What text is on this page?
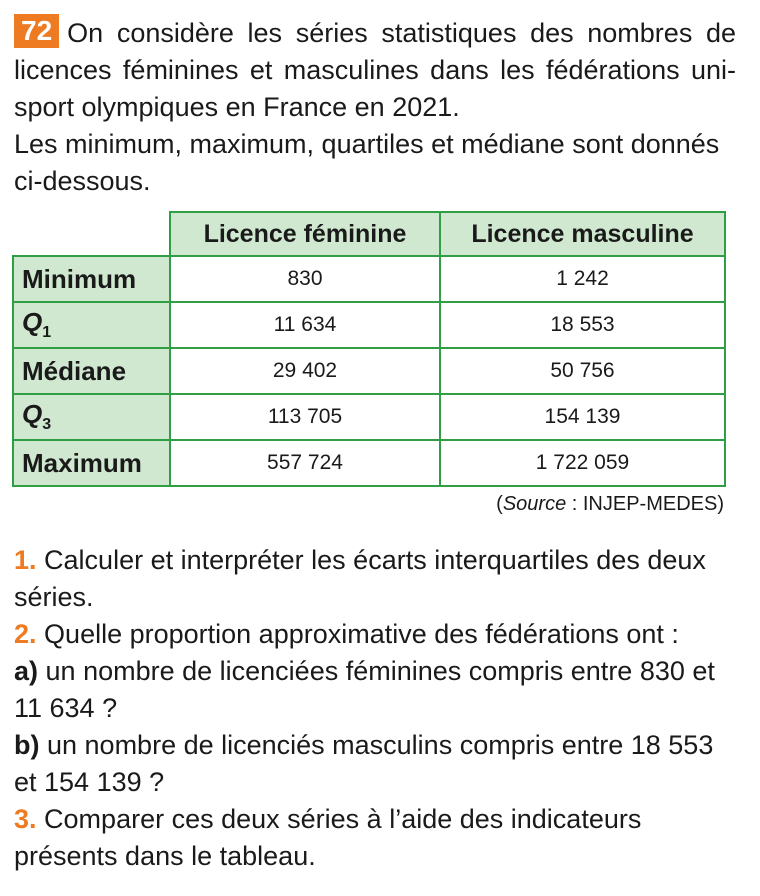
72 On considère les séries statistiques des nombres de licences féminines et masculines dans les fédérations unisport olympiques en France en 2021.
Les minimum, maximum, quartiles et médiane sont donnés ci-dessous.
	Licence féminine	Licence masculine
Minimum	830	1 242
$Q_1$	11 634	18 553
Médiane	29 402	50 756
$Q_3$	113 705	154 139
Maximum	557 724	1 722 059
(Source : INJEP-MEDES)

1. Calculer et interpréter les écarts interquartiles des deux séries.

2. Quelle proportion approximative des fédérations ont :

a) un nombre de licenciées féminines compris entre 830 et 11 634 ?

b) un nombre de licenciés masculins compris entre 18 553 et 154 139 ?

3. Comparer ces deux séries à l’aide des indicateurs présents dans le tableau.
